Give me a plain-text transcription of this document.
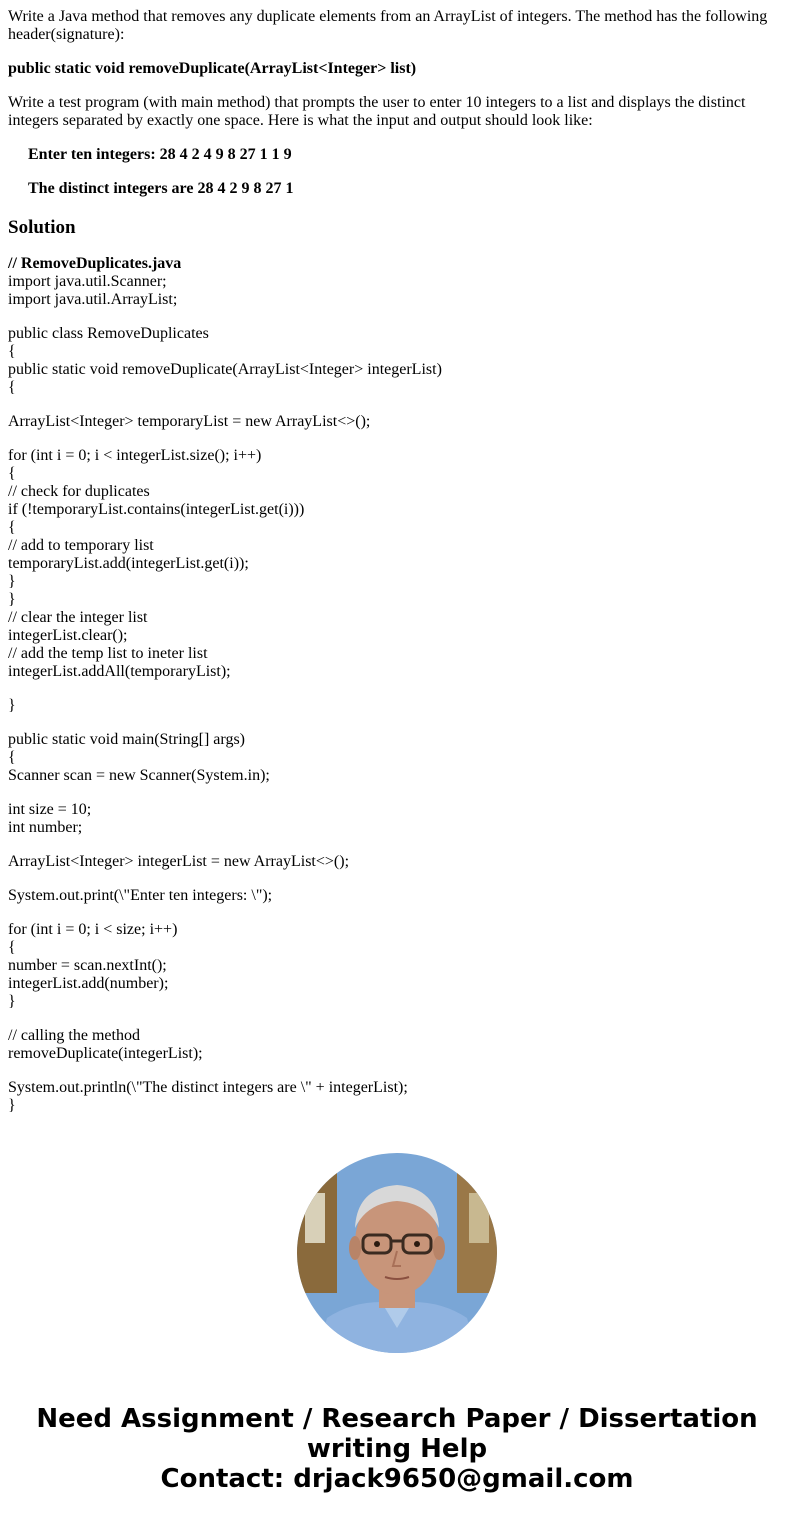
Write a Java method that removes any duplicate elements from an ArrayList of integers. The method has the following header(signature):
public static void removeDuplicate(ArrayList<Integer> list)
Write a test program (with main method) that prompts the user to enter 10 integers to a list and displays the distinct integers separated by exactly one space. Here is what the input and output should look like:
Enter ten integers: 28 4 2 4 9 8 27 1 1 9
The distinct integers are 28 4 2 9 8 27 1
Solution
// RemoveDuplicates.java
import java.util.Scanner;
import java.util.ArrayList;
public class RemoveDuplicates
{
public static void removeDuplicate(ArrayList<Integer> integerList)
{
ArrayList<Integer> temporaryList = new ArrayList<>();
for (int i = 0; i < integerList.size(); i++)
{
// check for duplicates
if (!temporaryList.contains(integerList.get(i)))
{
// add to temporary list
temporaryList.add(integerList.get(i));
}
}
// clear the integer list
integerList.clear();
// add the temp list to ineter list
integerList.addAll(temporaryList);
}
public static void main(String[] args)
{
Scanner scan = new Scanner(System.in);
int size = 10;
int number;
ArrayList<Integer> integerList = new ArrayList<>();
System.out.print(\"Enter ten integers: \");
for (int i = 0; i < size; i++)
{
number = scan.nextInt();
integerList.add(number);
}
// calling the method
removeDuplicate(integerList);
System.out.println(\"The distinct integers are \" + integerList);
}
Need Assignment / Research Paper / Dissertation
writing Help
Contact: drjack9650@gmail.com
